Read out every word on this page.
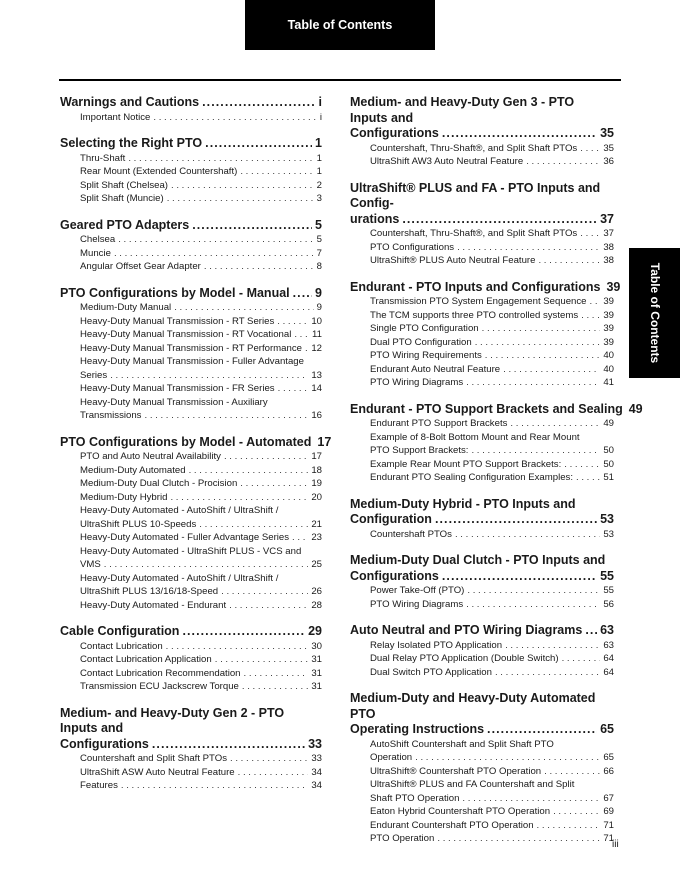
Table of Contents
Table of Contents
Warnings and Cautions . . .	i
Important Notice . . .	i
Selecting the Right PTO . . .	1
Thru-Shaft . . .	1
Rear Mount (Extended Countershaft) . . .	1
Split Shaft (Chelsea) . . .	2
Split Shaft (Muncie) . . .	3
Geared PTO Adapters . . .	5
Chelsea . . .	5
Muncie . . .	7
Angular Offset Gear Adapter . . .	8
PTO Configurations by Model - Manual . . . 9
Medium-Duty Manual . . .	9
Heavy-Duty Manual Transmission - RT Series . . .	10
Heavy-Duty Manual Transmission - RT Vocational . . . 11
Heavy-Duty Manual Transmission - RT Performance . . . 12
Heavy-Duty Manual Transmission - Fuller Advantage
Series . . .	13
Heavy-Duty Manual Transmission - FR Series . . .	14
Heavy-Duty Manual Transmission - Auxiliary
Transmissions . . .	16
PTO Configurations by Model - Automated 17
PTO and Auto Neutral Availability . . .	17
Medium-Duty Automated . . .	18
Medium-Duty Dual Clutch - Procision . . .	19
Medium-Duty Hybrid . . .	20
Heavy-Duty Automated - AutoShift / UltraShift /
UltraShift PLUS 10-Speeds . . .	21
Heavy-Duty Automated - Fuller Advantage Series . . . 23
Heavy-Duty Automated - UltraShift PLUS - VCS and
VMS . . .	25
Heavy-Duty Automated - AutoShift / UltraShift /
UltraShift PLUS 13/16/18-Speed . . .	26
Heavy-Duty Automated - Endurant . . .	28
Cable Configuration . . .	29
Contact Lubrication . . .	30
Contact Lubrication Application . . .	31
Contact Lubrication Recommendation . . .	31
Transmission ECU Jackscrew Torque . . .	31
Medium- and Heavy-Duty Gen 2 - PTO Inputs and
Configurations . . .	33
Countershaft and Split Shaft PTOs . . .	33
UltraShift ASW Auto Neutral Feature . . .	34
Features . . .	34
Medium- and Heavy-Duty Gen 3 - PTO Inputs and
Configurations . . .	35
Countershaft, Thru-Shaft®, and Split Shaft PTOs . . .	35
UltraShift AW3 Auto Neutral Feature . . .	36
UltraShift® PLUS and FA - PTO Inputs and Config-
urations . . .	37
Countershaft, Thru-Shaft®, and Split Shaft PTOs . . .	37
PTO Configurations . . .	38
UltraShift® PLUS Auto Neutral Feature . . .	38
Endurant - PTO Inputs and Configurations 39
Transmission PTO System Engagement Sequence . . . 39
The TCM supports three PTO controlled systems . . .	39
Single PTO Configuration . . .	39
Dual PTO Configuration . . .	39
PTO Wiring Requirements . . .	40
Endurant Auto Neutral Feature . . .	40
PTO Wiring Diagrams . . .	41
Endurant - PTO Support Brackets and Sealing 49
Endurant PTO Support Brackets . . .	49
Example of 8-Bolt Bottom Mount and Rear Mount
PTO Support Brackets: . . .	50
Example Rear Mount PTO Support Brackets: . . .	50
Endurant PTO Sealing Configuration Examples: . . .	51
Medium-Duty Hybrid - PTO Inputs and
Configuration . . .	53
Countershaft PTOs . . .	53
Medium-Duty Dual Clutch - PTO Inputs and
Configurations . . .	55
Power Take-Off (PTO) . . .	55
PTO Wiring Diagrams . . .	56
Auto Neutral and PTO Wiring Diagrams . . . 63
Relay Isolated PTO Application . . .	63
Dual Relay PTO Application (Double Switch) . . .	64
Dual Switch PTO Application . . .	64
Medium-Duty and Heavy-Duty Automated PTO
Operating Instructions . . .	65
AutoShift Countershaft and Split Shaft PTO
Operation . . .	65
UltraShift® Countershaft PTO Operation . . .	66
UltraShift® PLUS and FA Countershaft and Split
Shaft PTO Operation . . .	67
Eaton Hybrid Countershaft PTO Operation . . .	69
Endurant Countershaft PTO Operation . . .	71
PTO Operation . . .	71
iii
